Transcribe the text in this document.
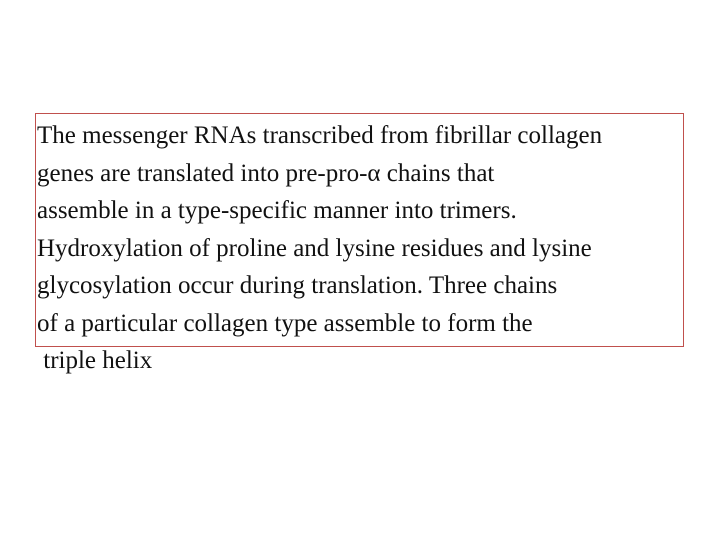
The messenger RNAs transcribed from fibrillar collagen
genes are translated into pre-pro-α chains that
assemble in a type-specific manner into trimers.
Hydroxylation of proline and lysine residues and lysine
glycosylation occur during translation. Three chains
of a particular collagen type assemble to form the
triple helix
